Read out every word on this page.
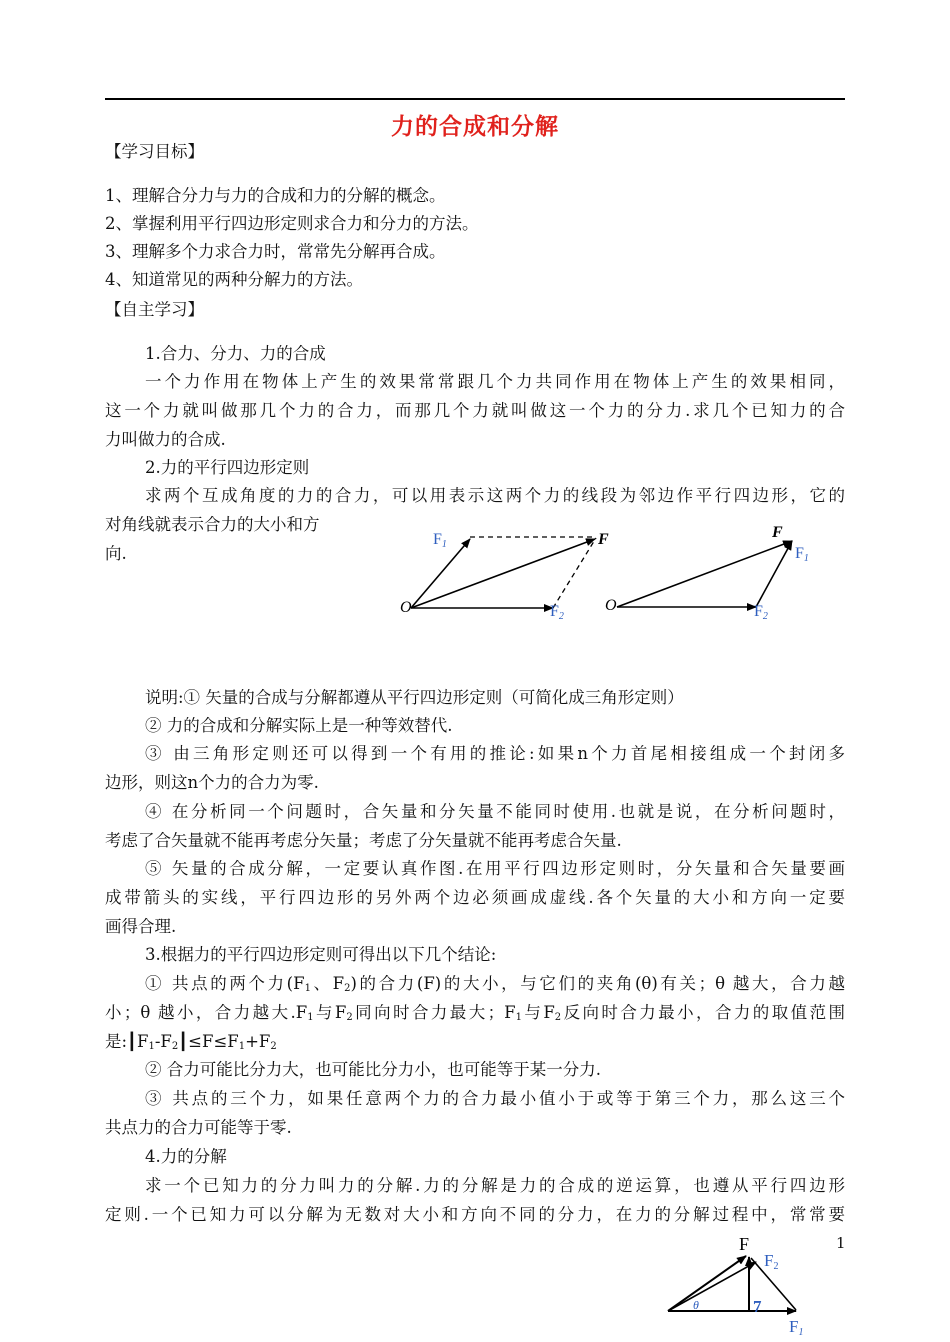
力的合成和分解
【学习目标】
1、理解合分力与力的合成和力的分解的概念。
2、掌握利用平行四边形定则求合力和分力的方法。
3、理解多个力求合力时，常常先分解再合成。
4、知道常见的两种分解力的方法。
【自主学习】
1.合力、分力、力的合成
一个力作用在物体上产生的效果常常跟几个力共同作用在物体上产生的效果相同，
这一个力就叫做那几个力的合力，而那几个力就叫做这一个力的分力.求几个已知力的合
力叫做力的合成.
2.力的平行四边形定则
求两个互成角度的力的合力，可以用表示这两个力的线段为邻边作平行四边形，它的
对角线就表示合力的大小和方
向.
O
F1	F
F2
O
F
F1
F2
说明:① 矢量的合成与分解都遵从平行四边形定则（可简化成三角形定则）
② 力的合成和分解实际上是一种等效替代.
③ 由三角形定则还可以得到一个有用的推论:如果n个力首尾相接组成一个封闭多
边形，则这n个力的合力为零.
④ 在分析同一个问题时，合矢量和分矢量不能同时使用.也就是说，在分析问题时，
考虑了合矢量就不能再考虑分矢量；考虑了分矢量就不能再考虑合矢量.
⑤ 矢量的合成分解，一定要认真作图.在用平行四边形定则时，分矢量和合矢量要画
成带箭头的实线，平行四边形的另外两个边必须画成虚线.各个矢量的大小和方向一定要
画得合理.
3.根据力的平行四边形定则可得出以下几个结论:
① 共点的两个力($F_1$、$F_2$)的合力(F)的大小，与它们的夹角(θ)有关；θ 越大，合力越
小；θ 越小，合力越大$.F_1$与$F_2$同向时合力最大；$F_1$与$F_2$反向时合力最小，合力的取值范围
是$:┃F_1-F_2┃\le F\le F_1+F_2$
② 合力可能比分力大，也可能比分力小，也可能等于某一分力.
③ 共点的三个力，如果任意两个力的合力最小值小于或等于第三个力，那么这三个
共点力的合力可能等于零.
4.力的分解
求一个已知力的分力叫力的分解.力的分解是力的合成的逆运算，也遵从平行四边形
定则.一个已知力可以分解为无数对大小和方向不同的分力，在力的分解过程中，常常要
1
θ
F
F2
7
F1
